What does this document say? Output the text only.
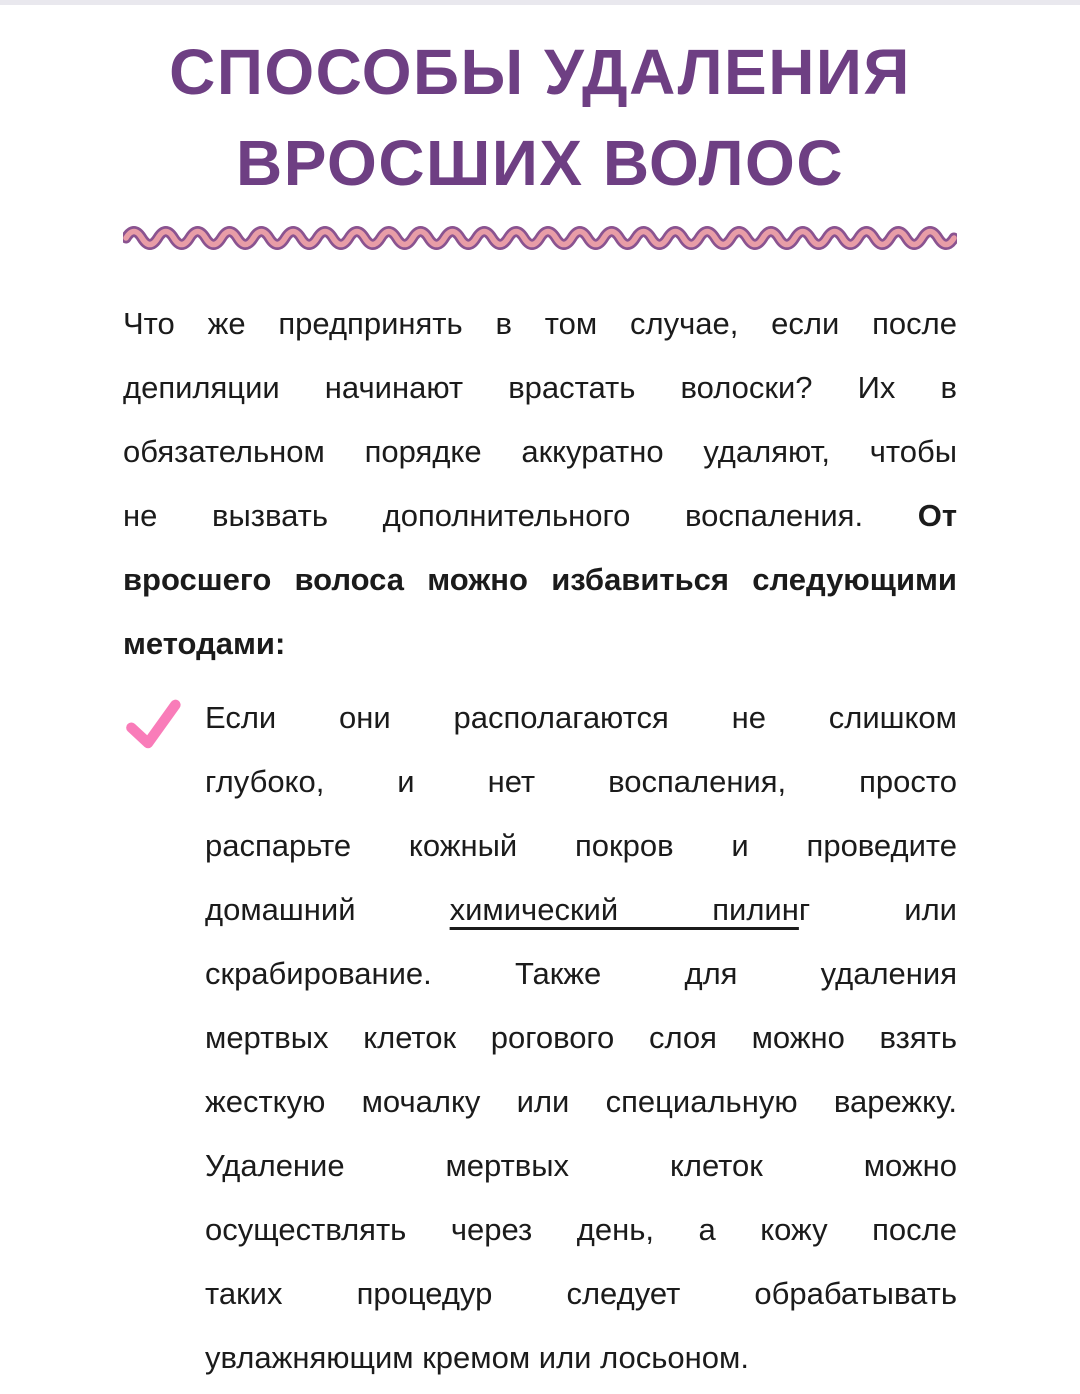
СПОСОБЫ УДАЛЕНИЯ
ВРОСШИХ ВОЛОС
Что же предпринять в том случае, если после
депиляции начинают врастать волоски? Их в
обязательном порядке аккуратно удаляют, чтобы
не вызвать дополнительного воспаления. От
вросшего волоса можно избавиться следующими
методами:
Если они располагаются не слишком
глубоко, и нет воспаления, просто
распарьте кожный покров и проведите
домашний химический пилинг или
скрабирование. Также для удаления
мертвых клеток рогового слоя можно взять
жесткую мочалку или специальную варежку.
Удаление мертвых клеток можно
осуществлять через день, а кожу после
таких процедур следует обрабатывать
увлажняющим кремом или лосьоном.
